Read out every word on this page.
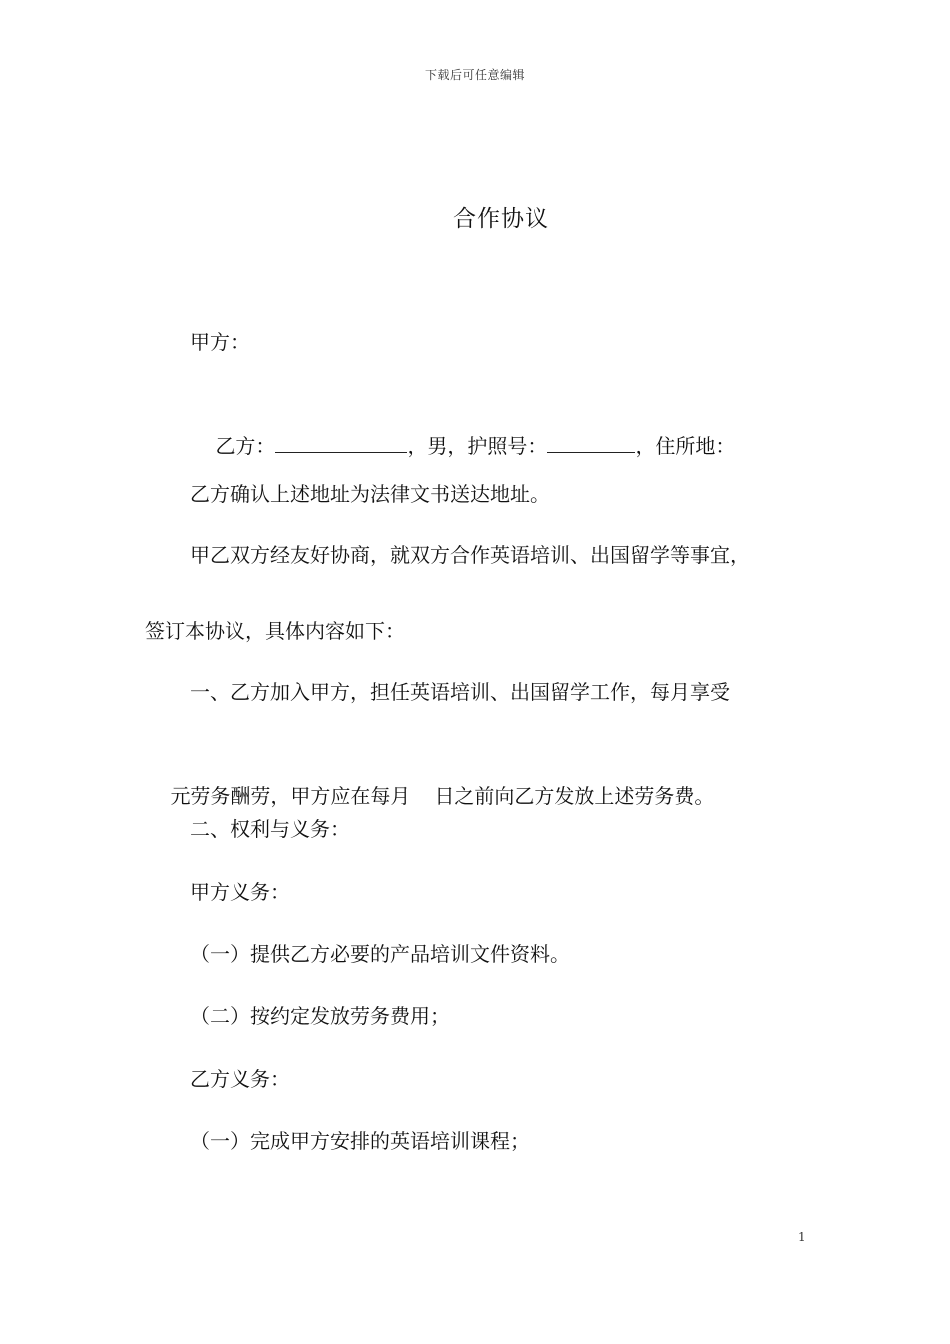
下载后可任意编辑
合作协议
甲方：

乙方：	，男，护照号：	，住所地：

乙方确认上述地址为法律文书送达地址。
甲乙双方经友好协商，就双方合作英语培训、出国留学等事宜，
签订本协议，具体内容如下：
一、乙方加入甲方，担任英语培训、出国留学工作，每月享受

元劳务酬劳，甲方应在每月 日之前向乙方发放上述劳务费。

二、权利与义务：
甲方义务：
（一）提供乙方必要的产品培训文件资料。
（二）按约定发放劳务费用；
乙方义务：
（一）完成甲方安排的英语培训课程；
1
